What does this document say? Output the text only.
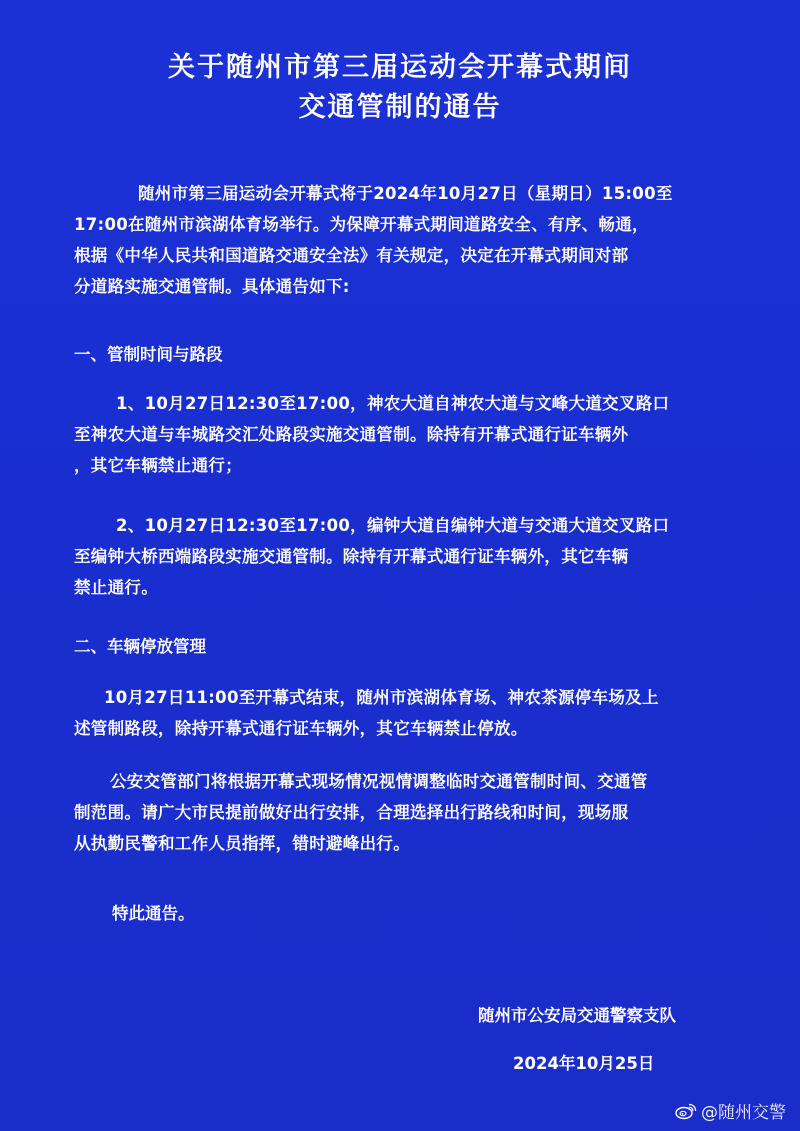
关于随州市第三届运动会开幕式期间
交通管制的通告

随州市第三届运动会开幕式将于2024年10月27日（星期日）15:00至
17:00在随州市滨湖体育场举行。为保障开幕式期间道路安全、有序、畅通，
根据《中华人民共和国道路交通安全法》有关规定，决定在开幕式期间对部
分道路实施交通管制。具体通告如下:

一、管制时间与路段

1、10月27日12:30至17:00，神农大道自神农大道与文峰大道交叉路口
至神农大道与车城路交汇处路段实施交通管制。除持有开幕式通行证车辆外
，其它车辆禁止通行；

2、10月27日12:30至17:00，编钟大道自编钟大道与交通大道交叉路口
至编钟大桥西端路段实施交通管制。除持有开幕式通行证车辆外，其它车辆
禁止通行。

二、车辆停放管理

10月27日11:00至开幕式结束，随州市滨湖体育场、神农茶源停车场及上
述管制路段，除持开幕式通行证车辆外，其它车辆禁止停放。

公安交管部门将根据开幕式现场情况视情调整临时交通管制时间、交通管
制范围。请广大市民提前做好出行安排，合理选择出行路线和时间，现场服
从执勤民警和工作人员指挥，错时避峰出行。

特此通告。
随州市公安局交通警察支队
2024年10月25日
@随州交警
